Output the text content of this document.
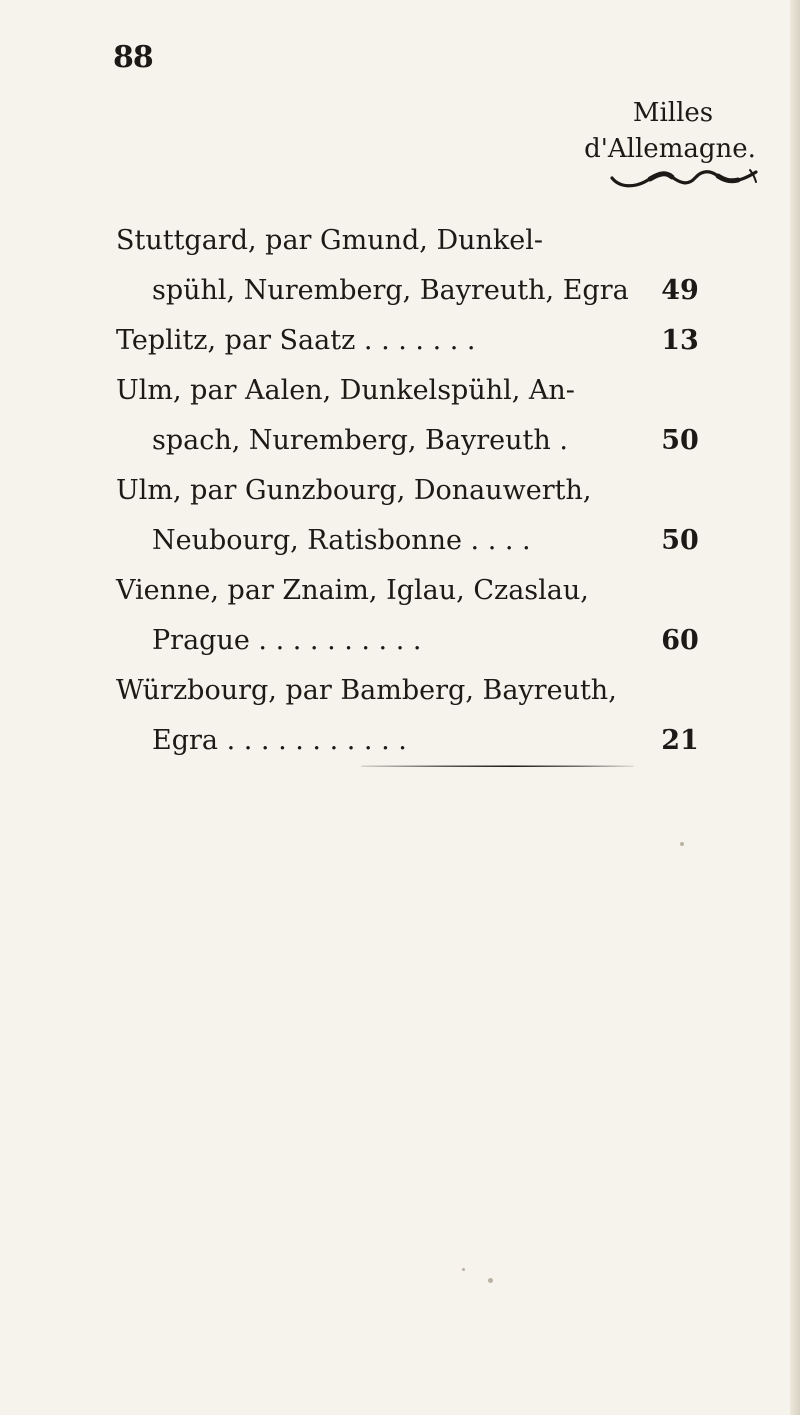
88
Milles
d'Allemagne.
Stuttgard, par Gmund, Dunkel-
spühl, Nuremberg, Bayreuth, Egra	49
Teplitz, par Saatz . . . . . . .	13
Ulm, par Aalen, Dunkelspühl, An-
spach, Nuremberg, Bayreuth .	50
Ulm, par Gunzbourg, Donauwerth,
Neubourg, Ratisbonne . . . .	50
Vienne, par Znaim, Iglau, Czaslau,
Prague . . . . . . . . . .	60
Würzbourg, par Bamberg, Bayreuth,
Egra . . . . . . . . . . .	21
